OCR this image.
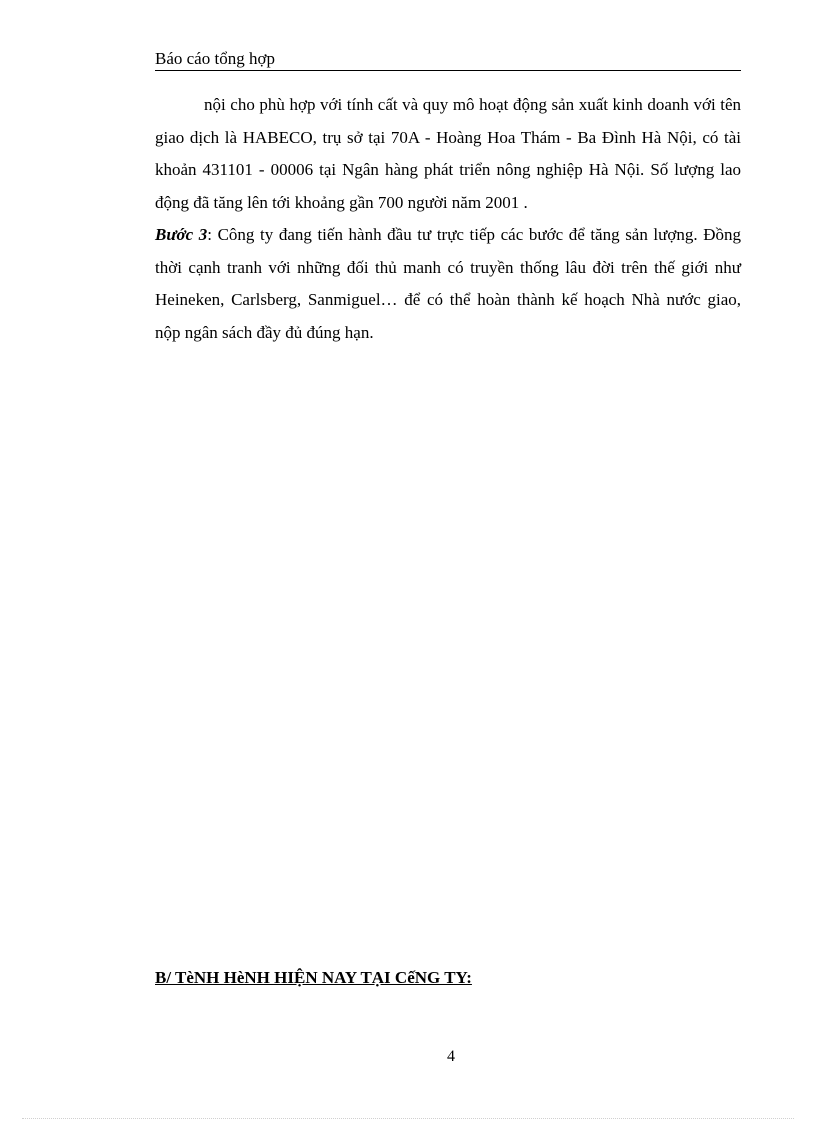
Báo cáo tổng hợp

nội cho phù hợp với tính cất và quy mô hoạt động sản xuất kinh doanh với tên giao dịch là HABECO, trụ sở tại 70A - Hoàng Hoa Thám - Ba Đình Hà Nội, có tài khoản 431101 - 00006 tại Ngân hàng phát triển nông nghiệp Hà Nội. Số lượng lao động đã tăng lên tới khoảng gần 700 người năm 2001 .

Bước 3: Công ty đang tiến hành đầu tư trực tiếp các bước để tăng sản lượng. Đồng thời cạnh tranh với những đối thủ manh có truyền thống lâu đời trên thế giới như Heineken, Carlsberg, Sanmiguel… để có thể hoàn thành kế hoạch Nhà nước giao, nộp ngân sách đầy đủ đúng hạn.

B/ TèNH HèNH HIỆN NAY TẠI CếNG TY:
4
